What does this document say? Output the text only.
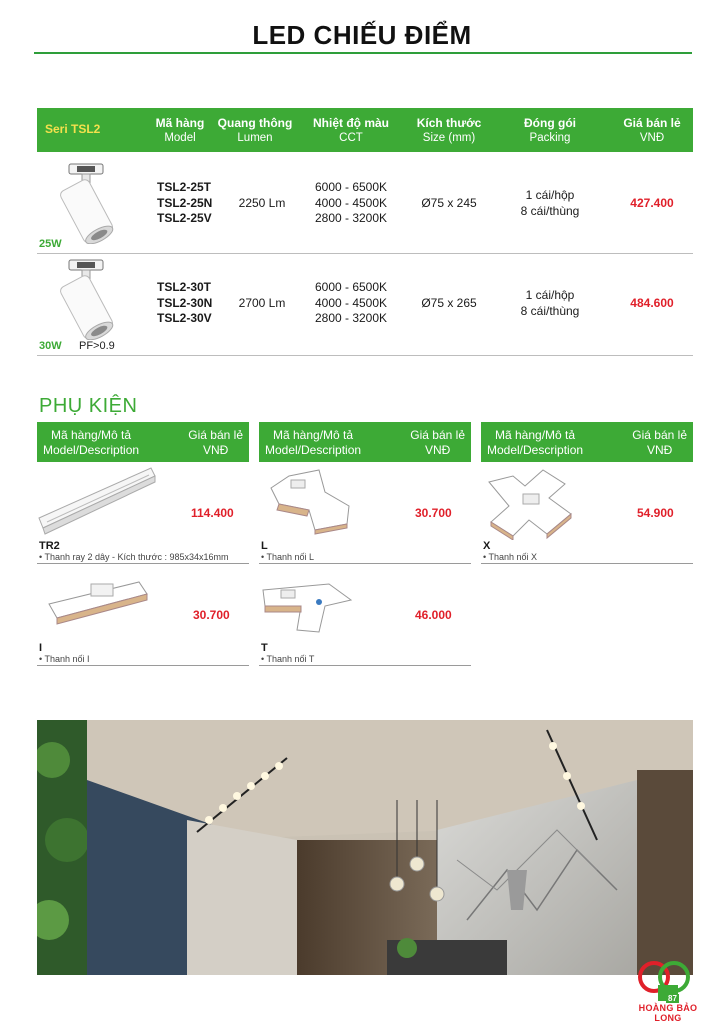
LED CHIẾU ĐIỂM
Seri TSL2	Mã hàng
Model
Quang thông
Lumen
Nhiệt độ màu
CCT
Kích thước
Size (mm)
Đóng gói
Packing
Giá bán lẻ
VNĐ
25W
TSL2-25T
TSL2-25N
TSL2-25V
2250 Lm
6000 - 6500K
4000 - 4500K
2800 - 3200K
Ø75 x 245
1 cái/hộp
8 cái/thùng
427.400
30W PF>0.9
TSL2-30T
TSL2-30N
TSL2-30V
2700 Lm
6000 - 6500K
4000 - 4500K
2800 - 3200K
Ø75 x 265
1 cái/hộp
8 cái/thùng
484.600
PHỤ KIỆN
Mã hàng/Mô tả
Model/Description
Giá bán lẻ
VNĐ
Mã hàng/Mô tả
Model/Description
Giá bán lẻ
VNĐ
Mã hàng/Mô tả
Model/Description
Giá bán lẻ
VNĐ
114.400
TR2
• Thanh ray 2 dây - Kích thước : 985x34x16mm
30.700
L
• Thanh nối L
54.900
X
• Thanh nối X
30.700
I
• Thanh nối I
46.000
T
• Thanh nối T
87
HOÀNG BẢO LONG
